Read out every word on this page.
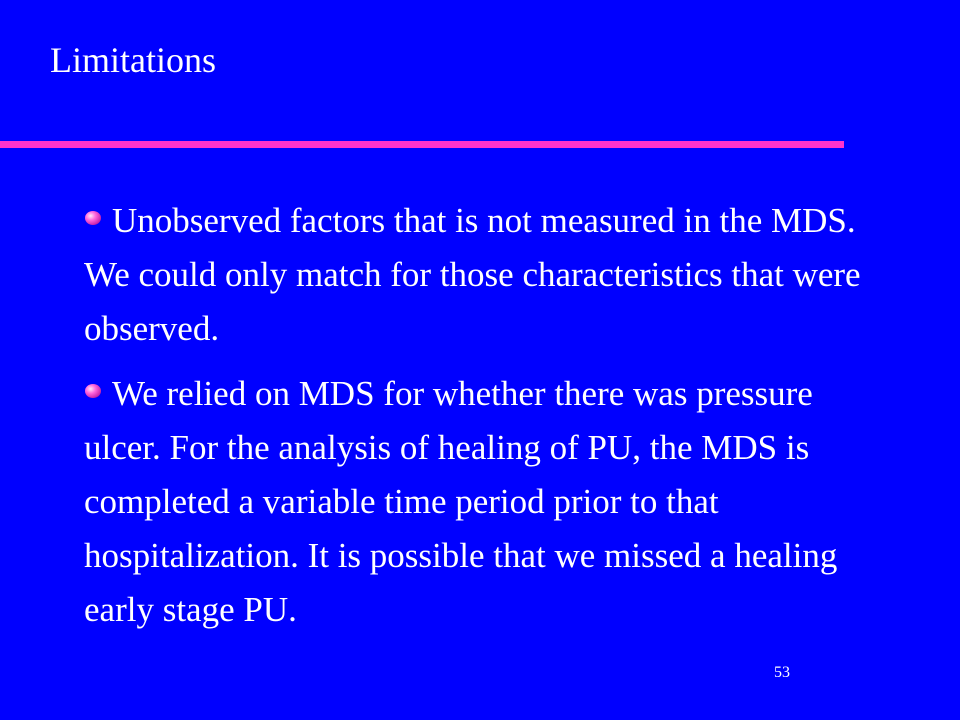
Limitations
Unobserved factors that is not measured in the MDS. We could only match for those characteristics that were observed.
We relied on MDS for whether there was pressure ulcer. For the analysis of healing of PU, the MDS is completed a variable time period prior to that hospitalization. It is possible that we missed a healing early stage PU.
53
